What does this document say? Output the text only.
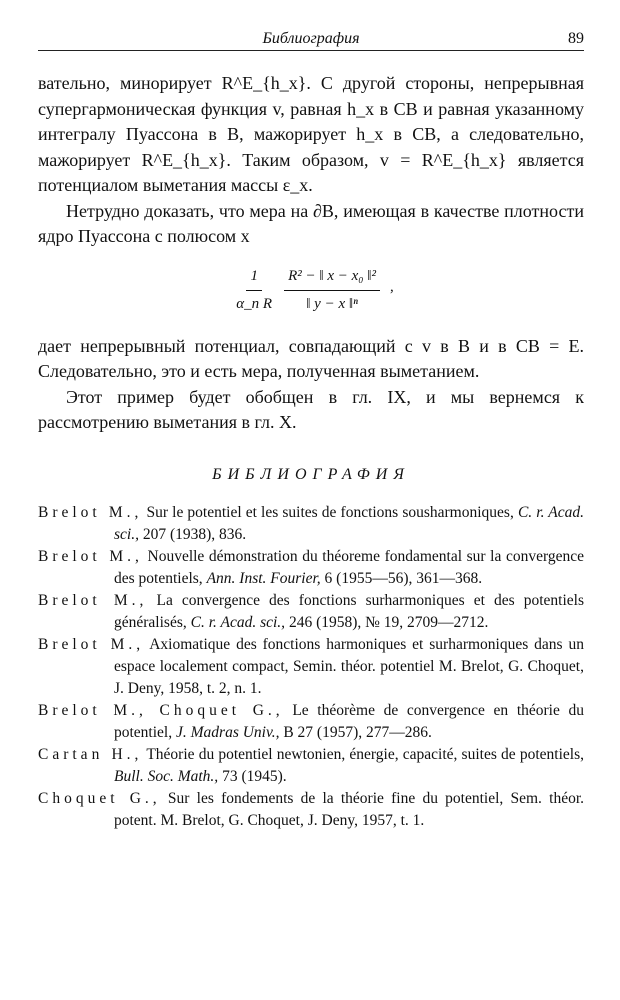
Библиография	89

вательно, минорирует R^E_{h_x}. С другой стороны, непрерывная супергармоническая функция v, равная h_x в CB и равная указанному интегралу Пуассона в B, мажорирует h_x в CB, а следовательно, мажорирует R^E_{h_x}. Таким образом, v = R^E_{h_x} является потенциалом выметания массы ε_x.

Нетрудно доказать, что мера на ∂B, имеющая в качестве плотности ядро Пуассона с полюсом x

$\frac{1}{\text{α\_n R}} \frac{\text{R² − ‖ x − x₀ ‖²}}{\text{‖ y − x ‖ⁿ}}$ ,

дает непрерывный потенциал, совпадающий с v в B и в CB = E. Следовательно, это и есть мера, полученная выметанием.

Этот пример будет обобщен в гл. IX, и мы вернемся к рассмотрению выметания в гл. X.

БИБЛИОГРАФИЯ

Brelot M., Sur le potentiel et les suites de fonctions sousharmoniques, C. r. Acad. sci., 207 (1938), 836.

Brelot M., Nouvelle démonstration du théoreme fondamental sur la convergence des potentiels, Ann. Inst. Fourier, 6 (1955—56), 361—368.

Brelot M., La convergence des fonctions surharmoniques et des potentiels généralisés, C. r. Acad. sci., 246 (1958), № 19, 2709—2712.

Brelot M., Axiomatique des fonctions harmoniques et surharmoniques dans un espace localement compact, Semin. théor. potentiel M. Brelot, G. Choquet, J. Deny, 1958, t. 2, n. 1.

Brelot M., Choquet G., Le théorème de convergence en théorie du potentiel, J. Madras Univ., B 27 (1957), 277—286.

Cartan H., Théorie du potentiel newtonien, énergie, capacité, suites de potentiels, Bull. Soc. Math., 73 (1945).

Choquet G., Sur les fondements de la théorie fine du potentiel, Sem. théor. potent. M. Brelot, G. Choquet, J. Deny, 1957, t. 1.
